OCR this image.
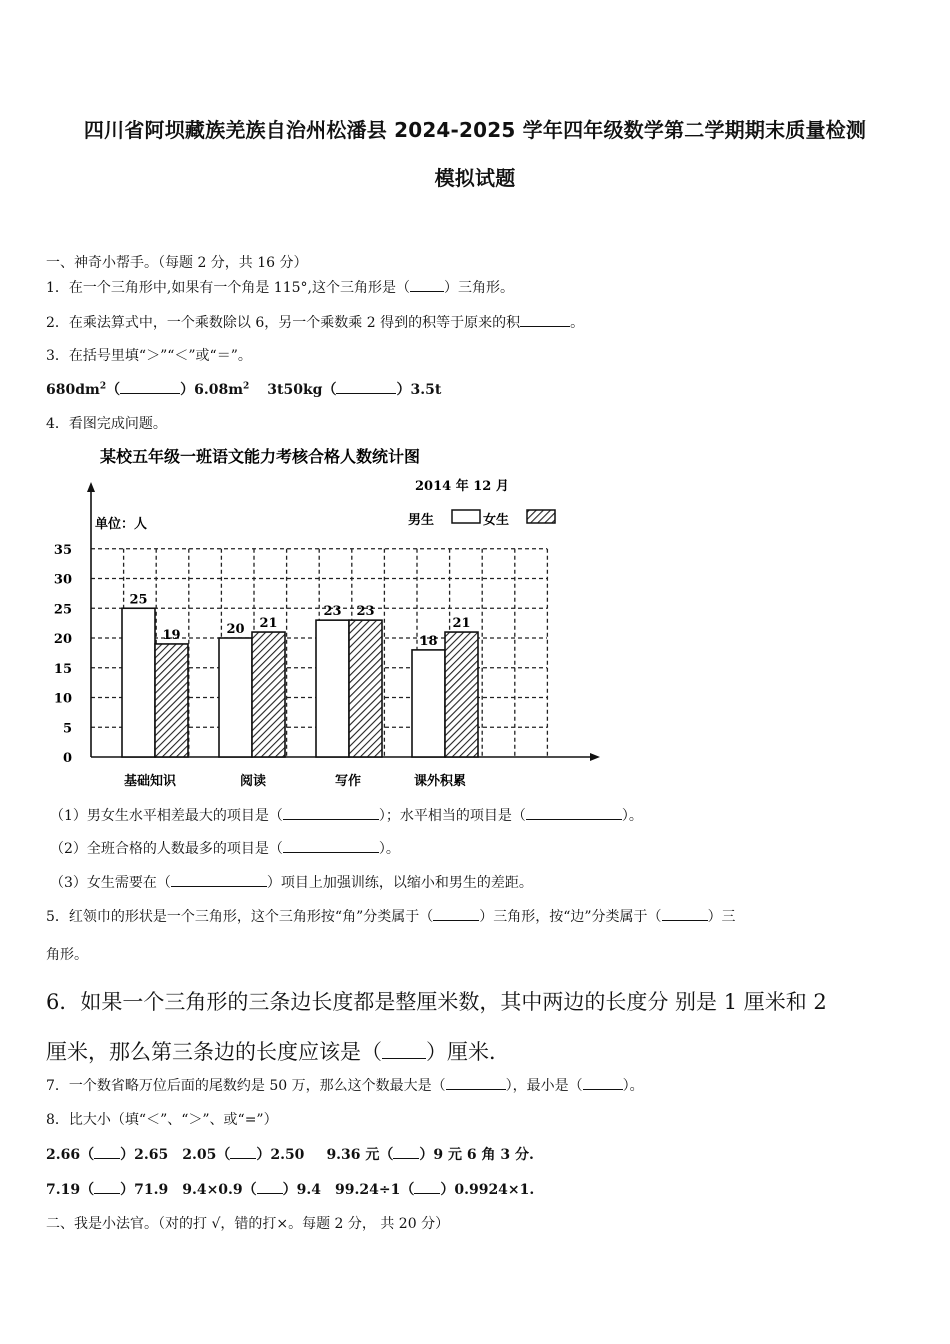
四川省阿坝藏族羌族自治州松潘县 2024-2025 学年四年级数学第二学期期末质量检测
模拟试题
一、神奇小帮手。（每题 2 分，共 16 分）
1．在一个三角形中,如果有一个角是 115°,这个三角形是（ ）三角形。
2．在乘法算式中，一个乘数除以 6，另一个乘数乘 2 得到的积等于原来的积	。
3．在括号里填“＞”“＜”或“＝”。
$680dm^2$（	）$6.08m^2$ 3t50kg（	）3.5t
4．看图完成问题。
某校五年级一班语文能力考核合格人数统计图
2014 年 12 月
单位：人	男生	女生
0
5
10
15
20
25
30
35
25
19
基础知识
20 21
阅读
23 23
写作
18
21
课外积累
（1）男女生水平相差最大的项目是（	）；水平相当的项目是（	）。
（2）全班合格的人数最多的项目是（	）。
（3）女生需要在（	）项目上加强训练，以缩小和男生的差距。
5．红领巾的形状是一个三角形，这个三角形按“角”分类属于（	）三角形，按“边”分类属于（	）三
角形。
6．如果一个三角形的三条边长度都是整厘米数，其中两边的长度分 别是 1 厘米和 2
厘米，那么第三条边的长度应该是（ ）厘米．
7．一个数省略万位后面的尾数约是 50 万，那么这个数最大是（	），最小是（	）。
8．比大小（填“＜”、“＞”、或“=”）
2.66（ ）2.65 2.05（ ）2.50 9.36 元（ ）9 元 6 角 3 分.
7.19（ ）71.9 9.4×0.9（ ）9.4 99.24÷1（ ）0.9924×1.
二、我是小法官。（对的打 √，错的打×。每题 2 分， 共 20 分）
